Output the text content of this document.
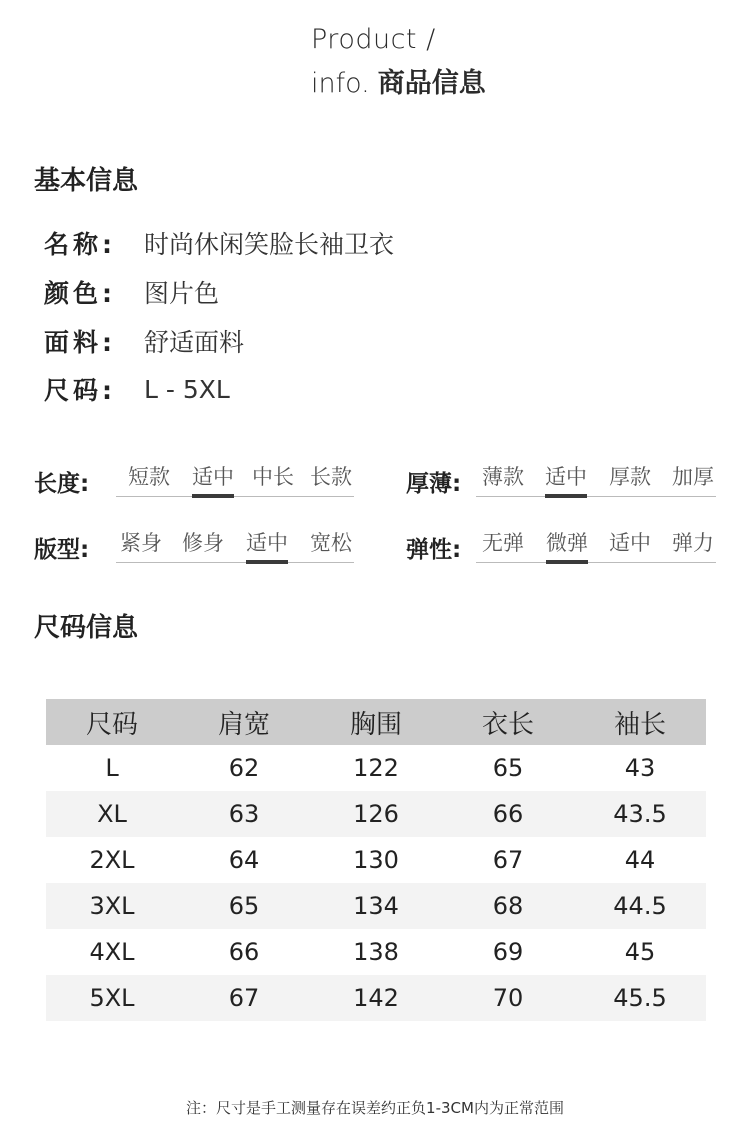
Product /
info. 商品信息
基本信息
名称:	时尚休闲笑脸长袖卫衣
颜色:	图片色
面料:	舒适面料
尺码:	L - 5XL
长度: 短款 适中 中长 长款 厚薄: 薄款 适中 厚款 加厚
版型: 紧身 修身 适中 宽松 弹性: 无弹 微弹 适中 弹力
尺码信息
尺码	肩宽	胸围	衣长	袖长
L	62	122	65	43
XL	63	126	66	43.5
2XL	64	130	67	44
3XL	65	134	68	44.5
4XL	66	138	69	45
5XL	67	142	70	45.5
注：尺寸是手工测量存在误差约正负1-3CM内为正常范围
